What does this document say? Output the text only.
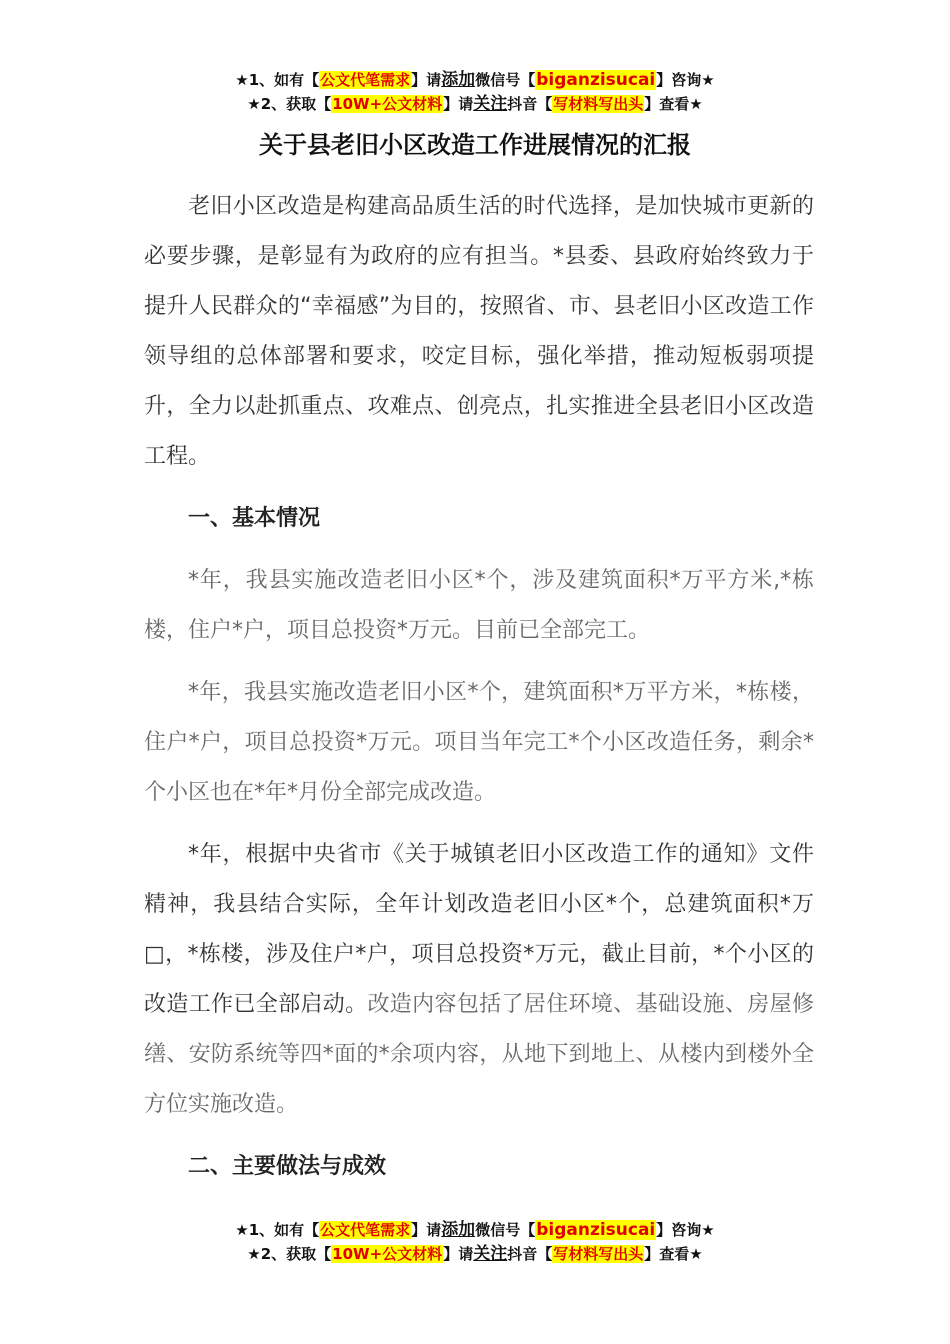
★1、如有【公文代笔需求】请添加微信号【biganzisucai】咨询★
★2、获取【10W+公文材料】请关注抖音【写材料写出头】查看★
关于县老旧小区改造工作进展情况的汇报

老旧小区改造是构建高品质生活的时代选择，是加快城市更新的必要步骤，是彰显有为政府的应有担当。*县委、县政府始终致力于提升人民群众的“幸福感”为目的，按照省、市、县老旧小区改造工作领导组的总体部署和要求，咬定目标，强化举措，推动短板弱项提升，全力以赴抓重点、攻难点、创亮点，扎实推进全县老旧小区改造工程。

一、基本情况

*年，我县实施改造老旧小区*个，涉及建筑面积*万平方米,*栋楼，住户*户，项目总投资*万元。目前已全部完工。

*年，我县实施改造老旧小区*个，建筑面积*万平方米，*栋楼，住户*户，项目总投资*万元。项目当年完工*个小区改造任务，剩余*个小区也在*年*月份全部完成改造。

*年，根据中央省市《关于城镇老旧小区改造工作的通知》文件精神，我县结合实际，全年计划改造老旧小区*个，总建筑面积*万□，*栋楼，涉及住户*户，项目总投资*万元，截止目前，*个小区的改造工作已全部启动。改造内容包括了居住环境、基础设施、房屋修缮、安防系统等四*面的*余项内容，从地下到地上、从楼内到楼外全方位实施改造。

二、主要做法与成效
★1、如有【公文代笔需求】请添加微信号【biganzisucai】咨询★
★2、获取【10W+公文材料】请关注抖音【写材料写出头】查看★
